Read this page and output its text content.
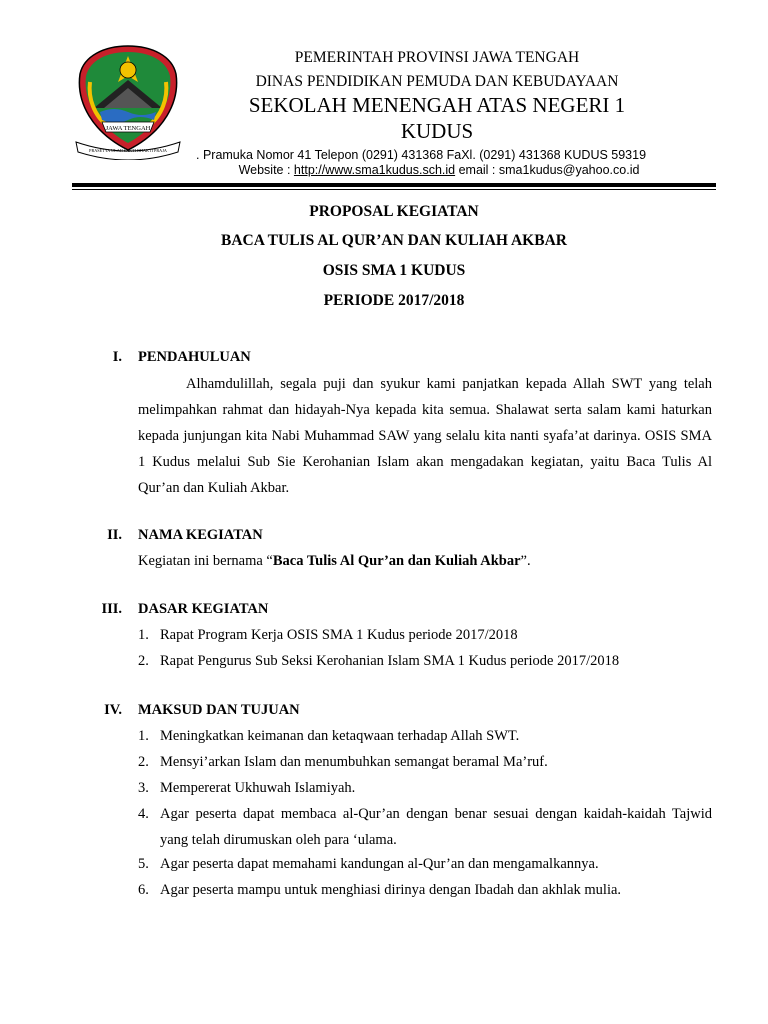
JAWA TENGAH
PRASETYA ULAH SAKTI BHAKTI PRAJA
PEMERINTAH PROVINSI JAWA TENGAH
DINAS PENDIDIKAN PEMUDA DAN KEBUDAYAAN
SEKOLAH MENENGAH ATAS NEGERI 1
KUDUS
. Pramuka Nomor 41 Telepon (0291) 431368 FaXl. (0291) 431368 KUDUS 59319
Website : http://www.sma1kudus.sch.id email : sma1kudus@yahoo.co.id
PROPOSAL KEGIATAN
BACA TULIS AL QUR’AN DAN KULIAH AKBAR
OSIS SMA 1 KUDUS
PERIODE 2017/2018
I. PENDAHULUAN
Alhamdulillah, segala puji dan syukur kami panjatkan kepada Allah SWT yang telah melimpahkan rahmat dan hidayah-Nya kepada kita semua. Shalawat serta salam kami haturkan kepada junjungan kita Nabi Muhammad SAW yang selalu kita nanti syafa’at darinya. OSIS SMA 1 Kudus melalui Sub Sie Kerohanian Islam akan mengadakan kegiatan, yaitu Baca Tulis Al Qur’an dan Kuliah Akbar.
II. NAMA KEGIATAN
Kegiatan ini bernama “Baca Tulis Al Qur’an dan Kuliah Akbar”.
III. DASAR KEGIATAN
1. Rapat Program Kerja OSIS SMA 1 Kudus periode 2017/2018
2. Rapat Pengurus Sub Seksi Kerohanian Islam SMA 1 Kudus periode 2017/2018
IV. MAKSUD DAN TUJUAN
1. Meningkatkan keimanan dan ketaqwaan terhadap Allah SWT.
2. Mensyi’arkan Islam dan menumbuhkan semangat beramal Ma’ruf.
3. Mempererat Ukhuwah Islamiyah.
4. Agar peserta dapat membaca al-Qur’an dengan benar sesuai dengan kaidah-kaidah Tajwid yang telah dirumuskan oleh para ‘ulama.
5. Agar peserta dapat memahami kandungan al-Qur’an dan mengamalkannya.
6. Agar peserta mampu untuk menghiasi dirinya dengan Ibadah dan akhlak mulia.
